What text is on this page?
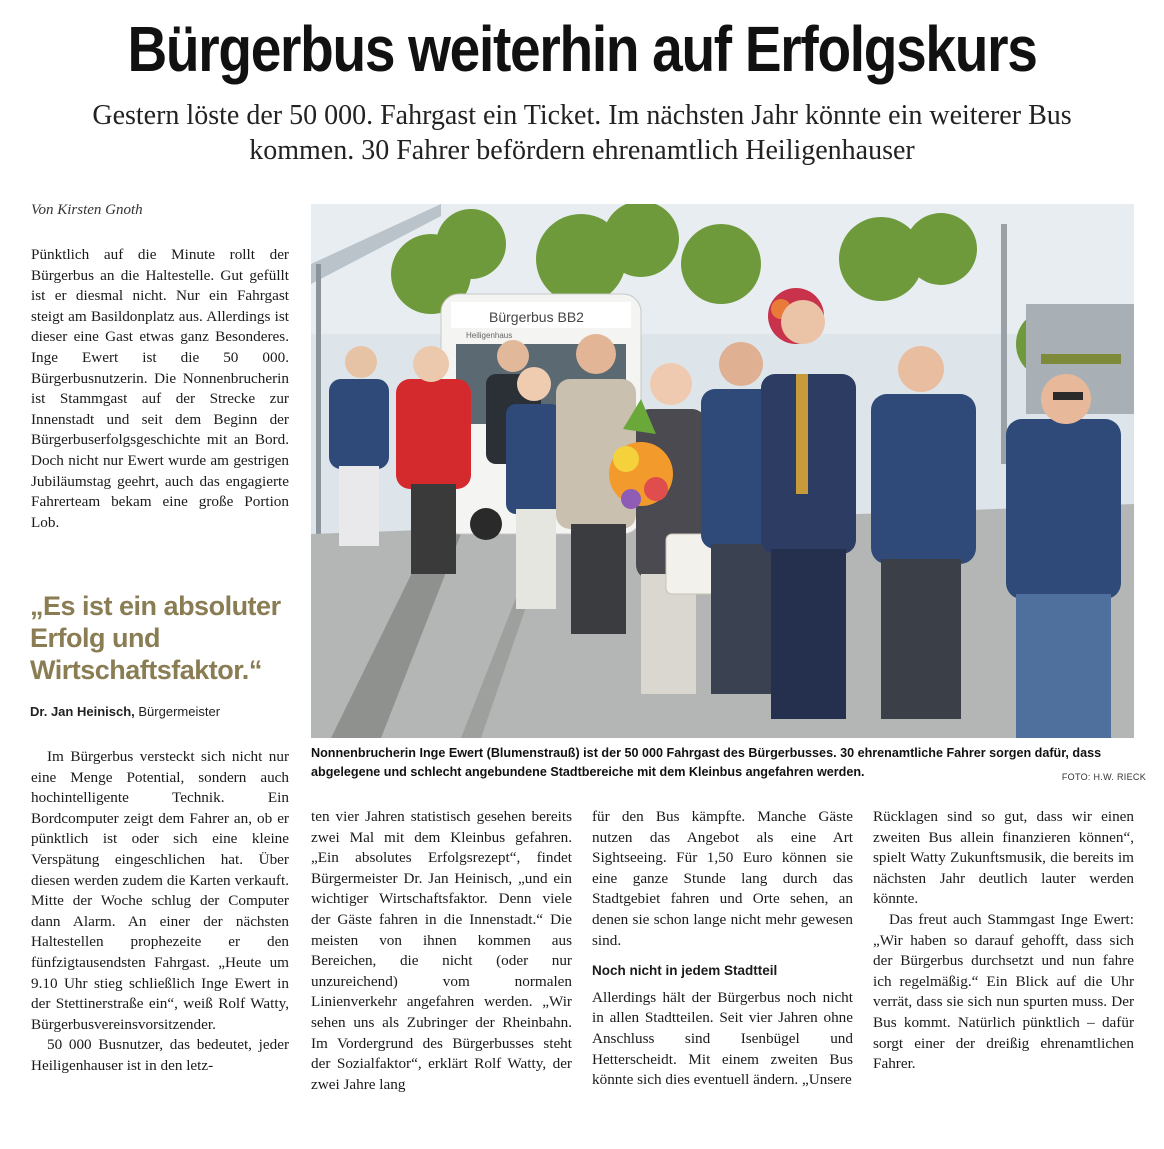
Bürgerbus weiterhin auf Erfolgskurs

Gestern löste der 50 000. Fahrgast ein Ticket. Im nächsten Jahr könnte ein weiterer Bus kommen. 30 Fahrer befördern ehrenamtlich Heiligenhauser

Von Kirsten Gnoth

Pünktlich auf die Minute rollt der Bürgerbus an die Haltestelle. Gut gefüllt ist er diesmal nicht. Nur ein Fahrgast steigt am Basildonplatz aus. Allerdings ist dieser eine Gast etwas ganz Besonderes. Inge Ewert ist die 50 000. Bürgerbusnutzerin. Die Nonnenbrucherin ist Stammgast auf der Strecke zur Innenstadt und seit dem Beginn der Bürgerbuserfolgsgeschichte mit an Bord. Doch nicht nur Ewert wurde am gestrigen Jubiläumstag geehrt, auch das engagierte Fahrerteam bekam eine große Portion Lob.

„Es ist ein absoluter Erfolg und Wirtschaftsfaktor.“
Dr. Jan Heinisch, Bürgermeister
Bürgerbus BB2
Heiligenhaus
Nonnenbrucherin Inge Ewert (Blumenstrauß) ist der 50 000 Fahrgast des Bürgerbusses. 30 ehrenamtliche Fahrer sorgen dafür, dass abgelegene und schlecht angebundene Stadtbereiche mit dem Kleinbus angefahren werden.	FOTO: H.W. RIECK

Im Bürgerbus versteckt sich nicht nur eine Menge Potential, sondern auch hochintelligente Technik. Ein Bordcomputer zeigt dem Fahrer an, ob er pünktlich ist oder sich eine kleine Verspätung eingeschlichen hat. Über diesen werden zudem die Karten verkauft. Mitte der Woche schlug der Computer dann Alarm. An einer der nächsten Haltestellen prophezeite er den fünfzigtausendsten Fahrgast. „Heute um 9.10 Uhr stieg schließlich Inge Ewert in der Stettinerstraße ein“, weiß Rolf Watty, Bürgerbusvereinsvorsitzender.

50 000 Busnutzer, das bedeutet, jeder Heiligenhauser ist in den letz-

ten vier Jahren statistisch gesehen bereits zwei Mal mit dem Kleinbus gefahren. „Ein absolutes Erfolgsrezept“, findet Bürgermeister Dr. Jan Heinisch, „und ein wichtiger Wirtschaftsfaktor. Denn viele der Gäste fahren in die Innenstadt.“ Die meisten von ihnen kommen aus Bereichen, die nicht (oder nur unzureichend) vom normalen Linienverkehr angefahren werden. „Wir sehen uns als Zubringer der Rheinbahn. Im Vordergrund des Bürgerbusses steht der Sozialfaktor“, erklärt Rolf Watty, der zwei Jahre lang

für den Bus kämpfte. Manche Gäste nutzen das Angebot als eine Art Sightseeing. Für 1,50 Euro können sie eine ganze Stunde lang durch das Stadtgebiet fahren und Orte sehen, an denen sie schon lange nicht mehr gewesen sind.

Noch nicht in jedem Stadtteil

Allerdings hält der Bürgerbus noch nicht in allen Stadtteilen. Seit vier Jahren ohne Anschluss sind Isenbügel und Hetterscheidt. Mit einem zweiten Bus könnte sich dies eventuell ändern. „Unsere

Rücklagen sind so gut, dass wir einen zweiten Bus allein finanzieren können“, spielt Watty Zukunftsmusik, die bereits im nächsten Jahr deutlich lauter werden könnte.

Das freut auch Stammgast Inge Ewert: „Wir haben so darauf gehofft, dass sich der Bürgerbus durchsetzt und nun fahre ich regelmäßig.“ Ein Blick auf die Uhr verrät, dass sie sich nun spurten muss. Der Bus kommt. Natürlich pünktlich – dafür sorgt einer der dreißig ehrenamtlichen Fahrer.
